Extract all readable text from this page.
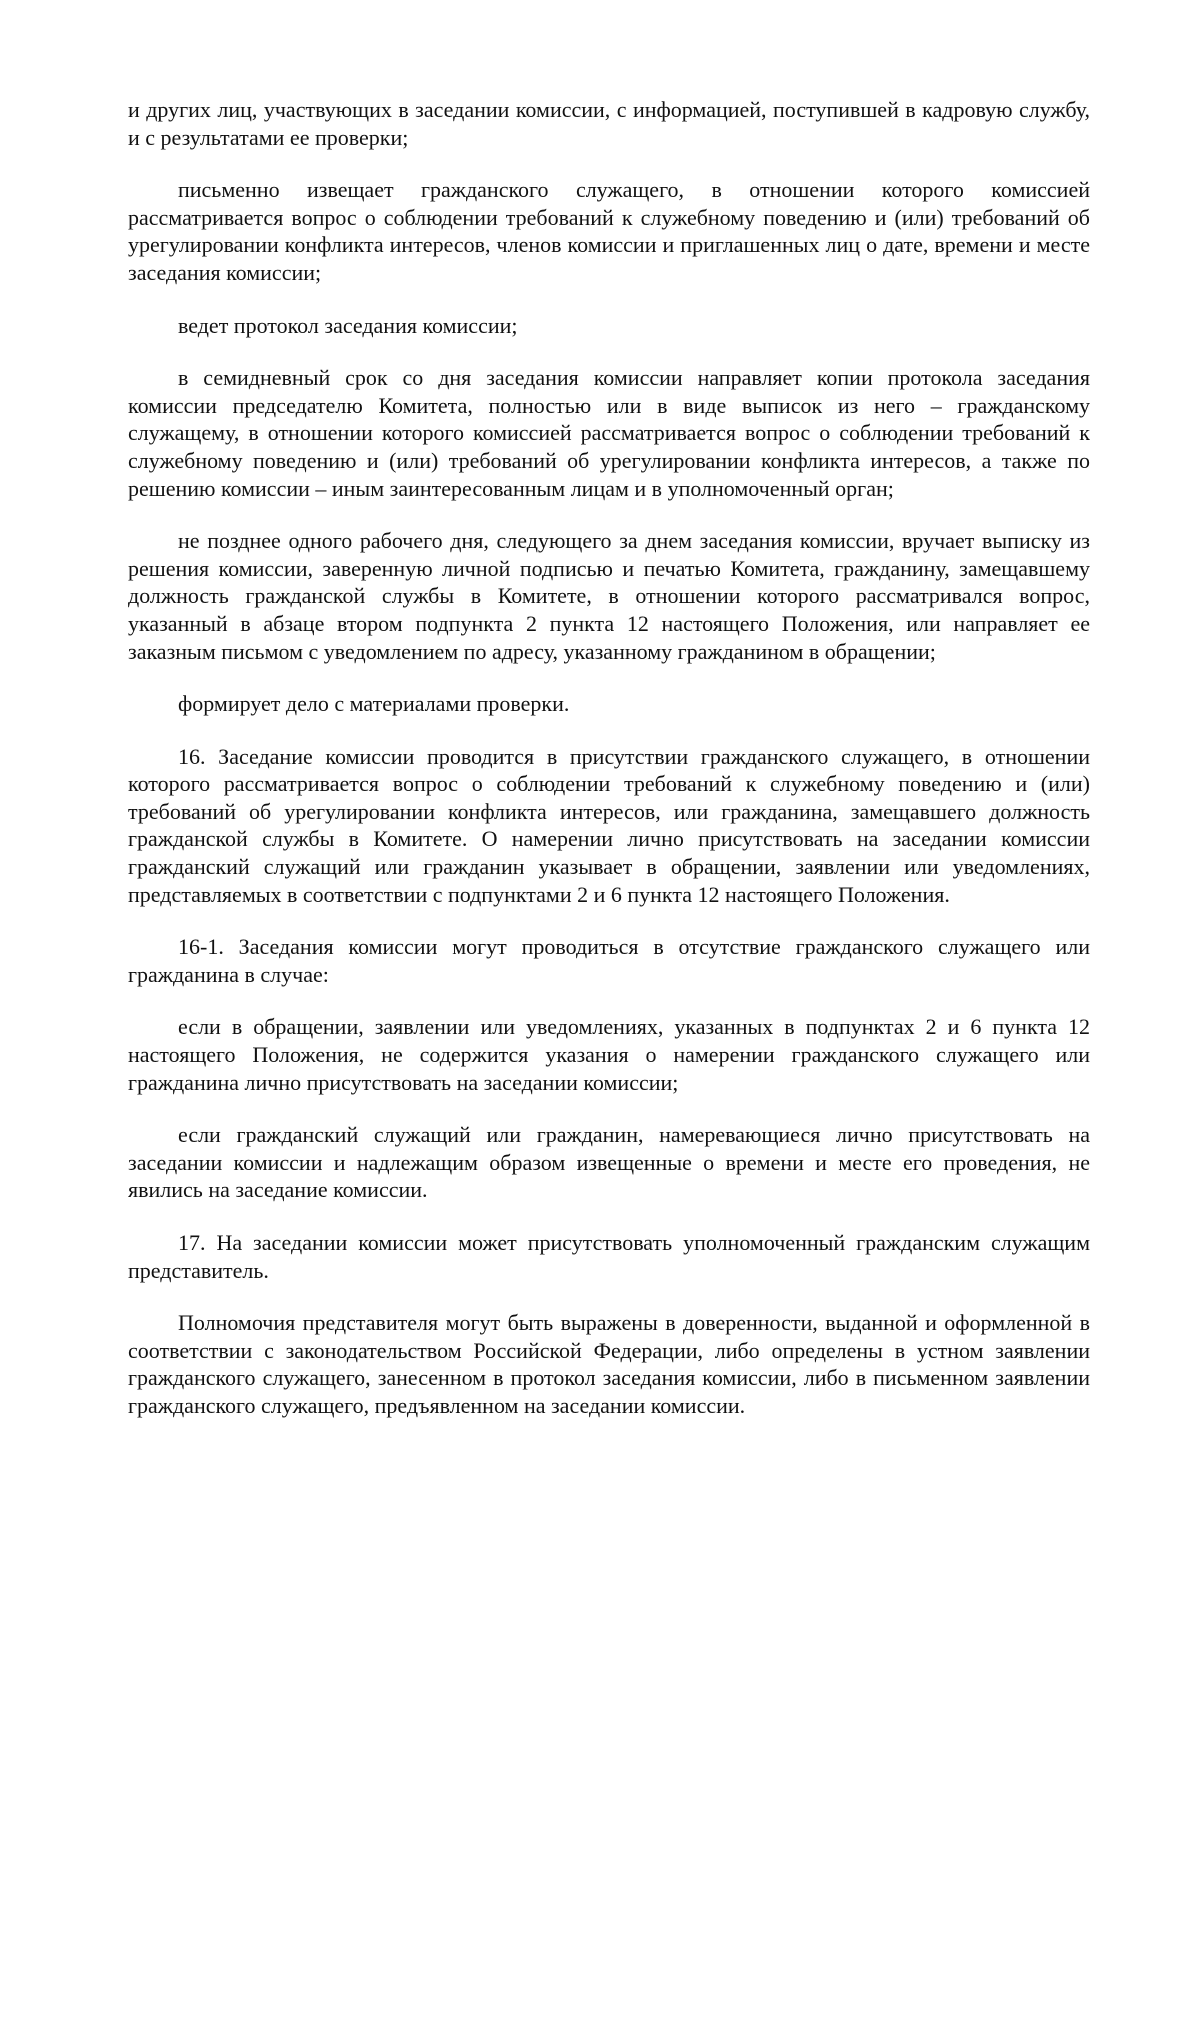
и других лиц, участвующих в заседании комиссии, с информацией, поступившей в кадровую службу, и с результатами ее проверки;

письменно извещает гражданского служащего, в отношении которого комиссией рассматривается вопрос о соблюдении требований к служебному поведению и (или) требований об урегулировании конфликта интересов, членов комиссии и приглашенных лиц о дате, времени и месте заседания комиссии;

ведет протокол заседания комиссии;

в семидневный срок со дня заседания комиссии направляет копии протокола заседания комиссии председателю Комитета, полностью или в виде выписок из него – гражданскому служащему, в отношении которого комиссией рассматривается вопрос о соблюдении требований к служебному поведению и (или) требований об урегулировании конфликта интересов, а также по решению комиссии – иным заинтересованным лицам и в уполномоченный орган;

не позднее одного рабочего дня, следующего за днем заседания комиссии, вручает выписку из решения комиссии, заверенную личной подписью и печатью Комитета, гражданину, замещавшему должность гражданской службы в Комитете, в отношении которого рассматривался вопрос, указанный в абзаце втором подпункта 2 пункта 12 настоящего Положения, или направляет ее заказным письмом с уведомлением по адресу, указанному гражданином в обращении;

формирует дело с материалами проверки.

16. Заседание комиссии проводится в присутствии гражданского служащего, в отношении которого рассматривается вопрос о соблюдении требований к служебному поведению и (или) требований об урегулировании конфликта интересов, или гражданина, замещавшего должность гражданской службы в Комитете. О намерении лично присутствовать на заседании комиссии гражданский служащий или гражданин указывает в обращении, заявлении или уведомлениях, представляемых в соответствии с подпунктами 2 и 6 пункта 12 настоящего Положения.

16-1. Заседания комиссии могут проводиться в отсутствие гражданского служащего или гражданина в случае:

если в обращении, заявлении или уведомлениях, указанных в подпунктах 2 и 6 пункта 12 настоящего Положения, не содержится указания о намерении гражданского служащего или гражданина лично присутствовать на заседании комиссии;

если гражданский служащий или гражданин, намеревающиеся лично присутствовать на заседании комиссии и надлежащим образом извещенные о времени и месте его проведения, не явились на заседание комиссии.

17. На заседании комиссии может присутствовать уполномоченный гражданским служащим представитель.

Полномочия представителя могут быть выражены в доверенности, выданной и оформленной в соответствии с законодательством Российской Федерации, либо определены в устном заявлении гражданского служащего, занесенном в протокол заседания комиссии, либо в письменном заявлении гражданского служащего, предъявленном на заседании комиссии.
